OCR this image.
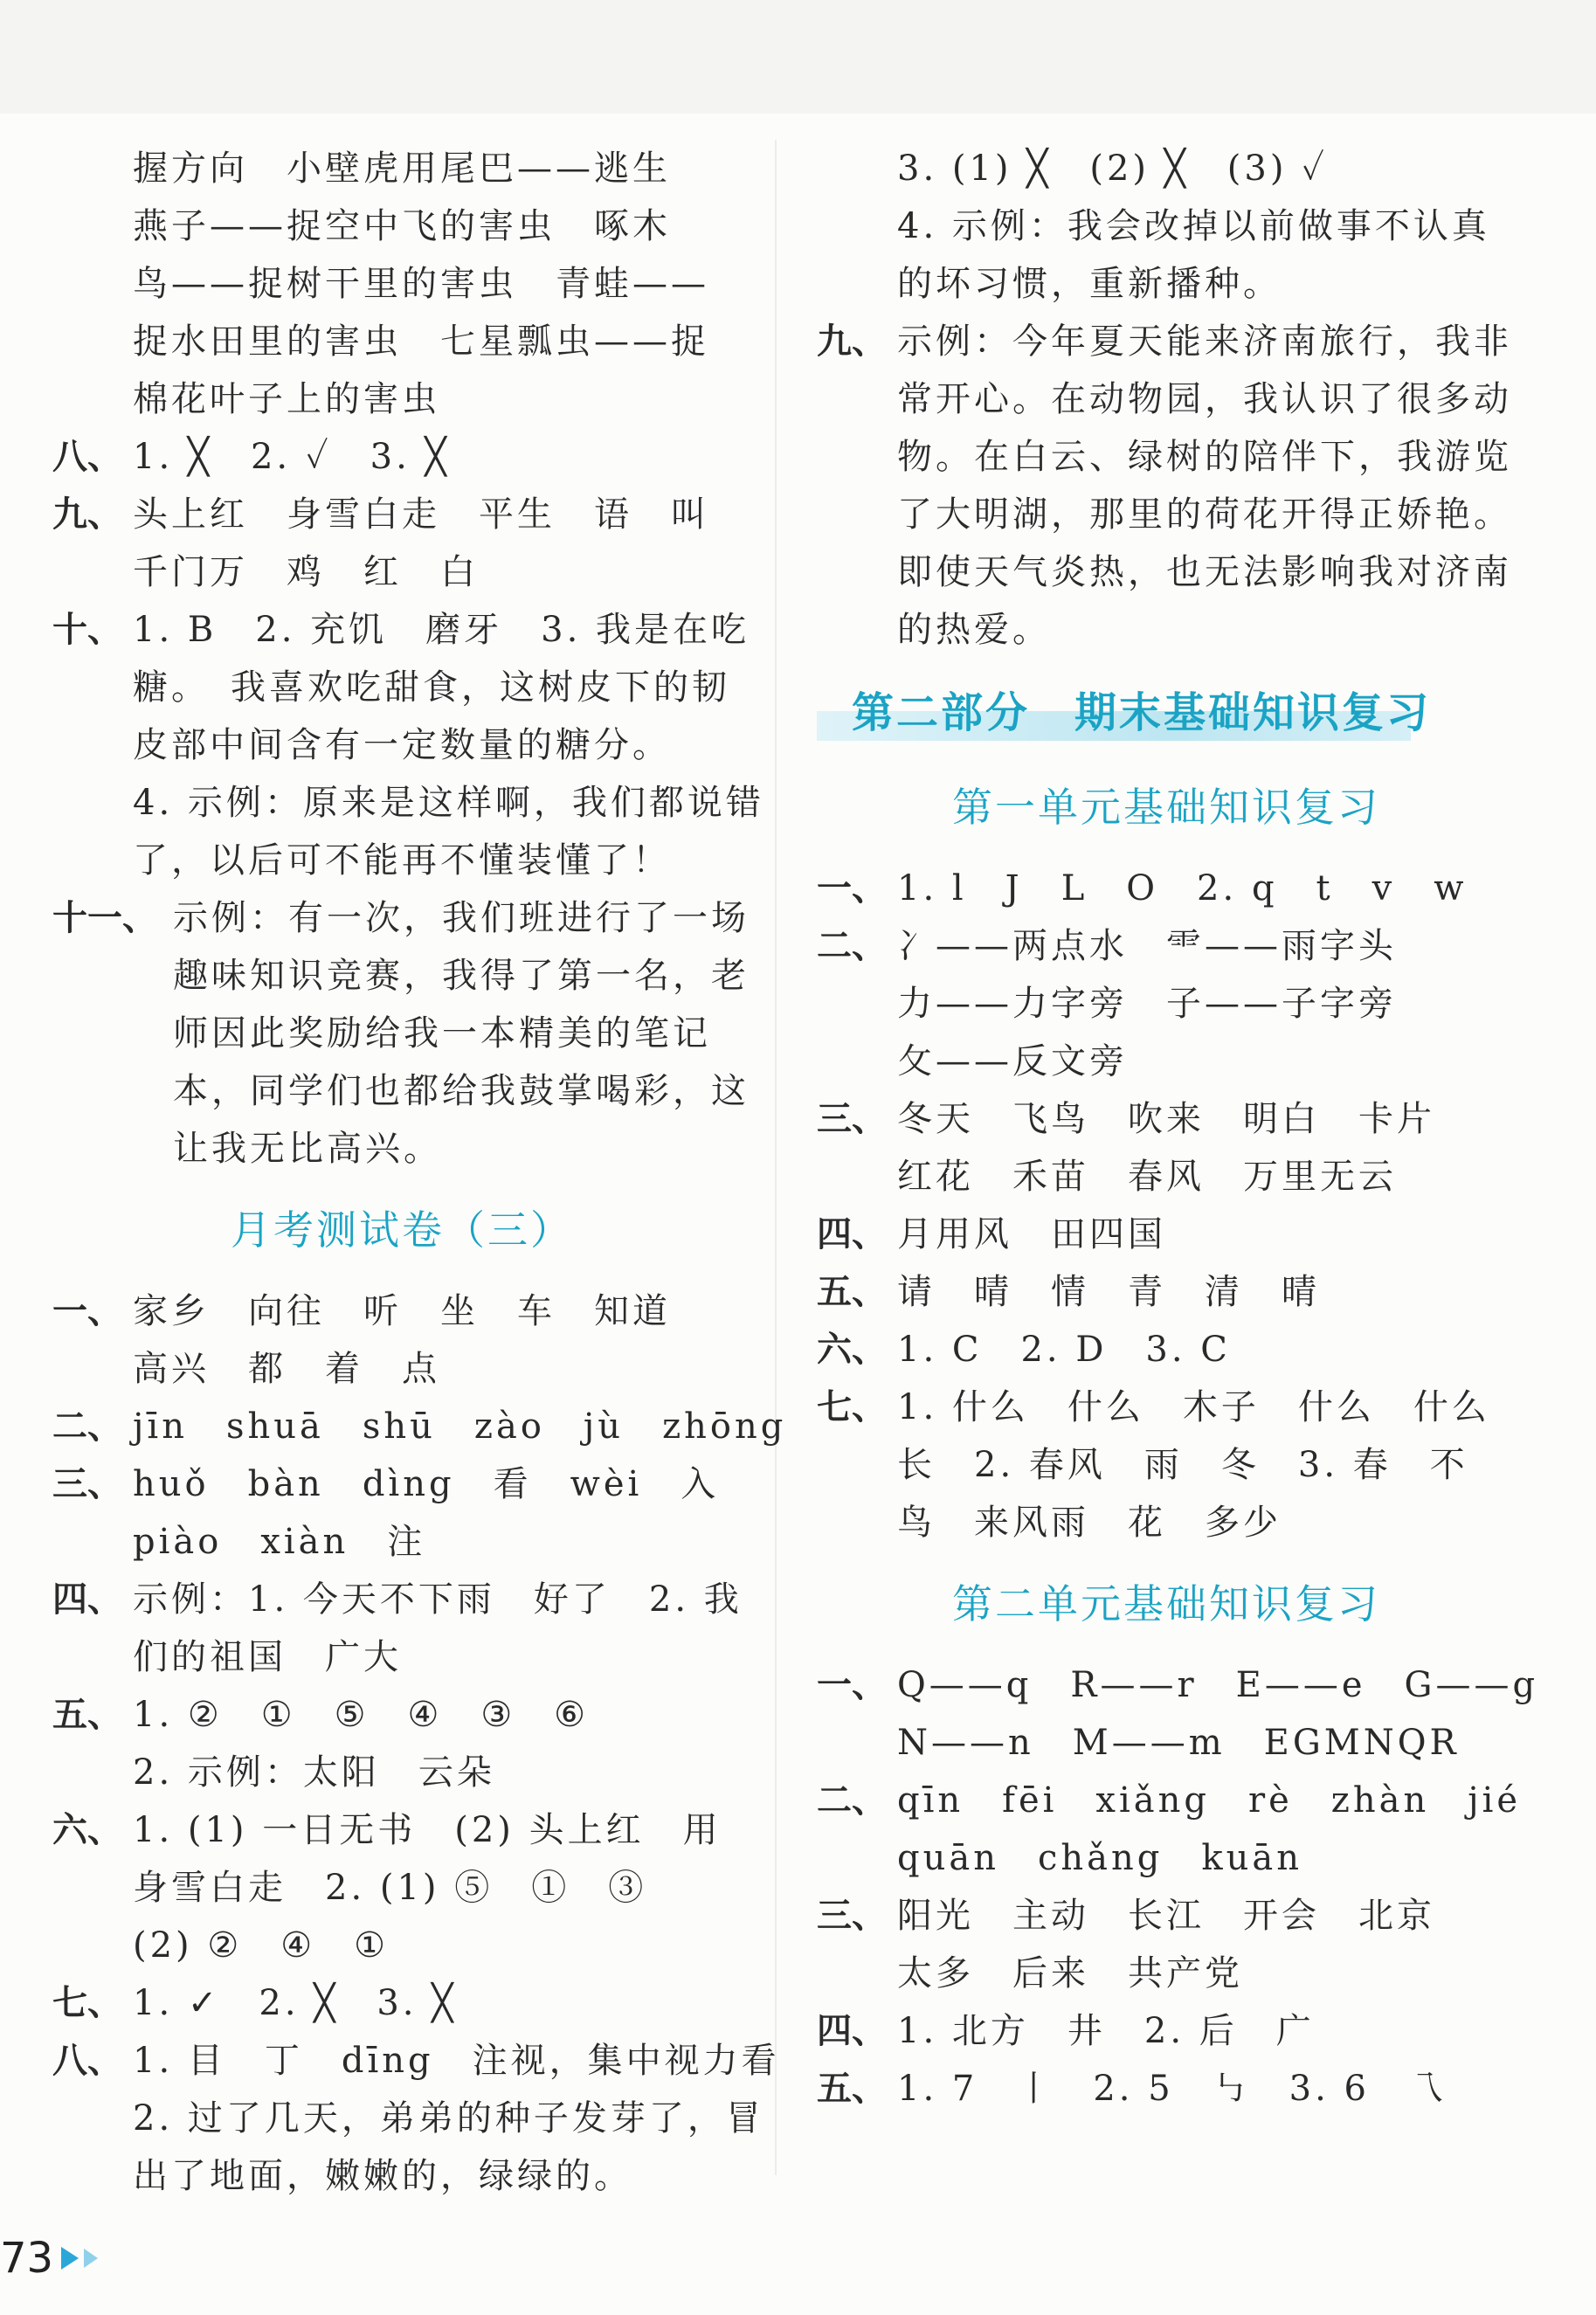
握方向　小壁虎用尾巴——逃生
燕子——捉空中飞的害虫　啄木
鸟——捉树干里的害虫　青蛙——
捉水田里的害虫　七星瓢虫——捉
棉花叶子上的害虫
八、 1. ╳　2. ✓　3. ╳
九、 头上红　身雪白走　平生　语　叫
千门万　鸡　红　白
十、 1. B　2. 充饥　磨牙　3. 我是在吃
糖。　我喜欢吃甜食，这树皮下的韧
皮部中间含有一定数量的糖分。
4. 示例：原来是这样啊，我们都说错
了，以后可不能再不懂装懂了！
十一、 示例：有一次，我们班进行了一场
趣味知识竞赛，我得了第一名，老
师因此奖励给我一本精美的笔记
本，同学们也都给我鼓掌喝彩，这
让我无比高兴。
月考测试卷（三）
一、 家乡　向往　听　坐　车　知道
高兴　都　着　点
二、 jīn　shuā　shū　zào　jù　zhōng
三、 huǒ　bàn　dìng　看　wèi　入
piào　xiàn　注
四、 示例：1. 今天不下雨　好了　2. 我
们的祖国　广大
五、 1. ②　①　⑤　④　③　⑥
2. 示例：太阳　云朵
六、 1. (1) 一日无书　(2) 头上红　用
身雪白走　2. (1) ⑤　①　③
(2) ②　④　①
七、 1. ✓　2. ╳　3. ╳
八、 1. 目　丁　dīng　注视，集中视力看
2. 过了几天，弟弟的种子发芽了，冒
出了地面，嫩嫩的，绿绿的。
3. (1) ╳　(2) ╳　(3) ✓
4. 示例：我会改掉以前做事不认真
的坏习惯，重新播种。
九、 示例：今年夏天能来济南旅行，我非
常开心。在动物园，我认识了很多动
物。在白云、绿树的陪伴下，我游览
了大明湖，那里的荷花开得正娇艳。
即使天气炎热，也无法影响我对济南
的热爱。
第二部分　期末基础知识复习
第一单元基础知识复习
一、 1. l　J　L　O　2. q　t　v　w
二、 冫——两点水　⻗——雨字头
力——力字旁　子——子字旁
攵——反文旁
三、 冬天　飞鸟　吹来　明白　卡片
红花　禾苗　春风　万里无云
四、 月用风　田四国
五、 请　晴　情　青　清　晴
六、 1. C　2. D　3. C
七、 1. 什么　什么　木子　什么　什么
长　2. 春风　雨　冬　3. 春　不
鸟　来风雨　花　多少
第二单元基础知识复习
一、 Q——q　R——r　E——e　G——g
N——n　M——m　EGMNQR
二、 qīn　fēi　xiǎng　rè　zhàn　jié
quān　chǎng　kuān
三、 阳光　主动　长江　开会　北京
太多　后来　共产党
四、 1. 北方　井　2. 后　广
五、 1. 7　丨　2. 5　㇉　3. 6　乁
73
